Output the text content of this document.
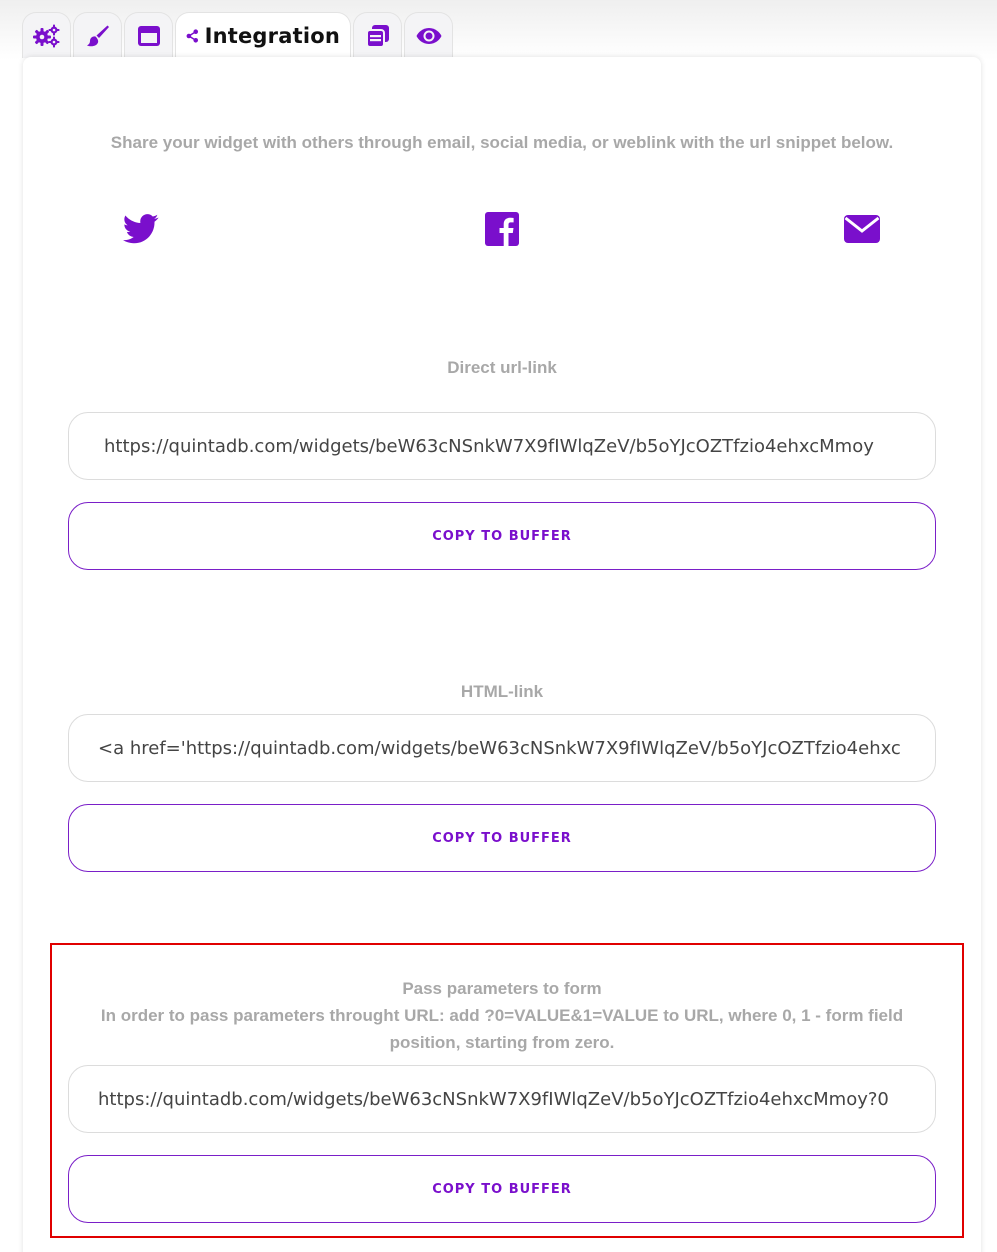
Integration
Share your widget with others through email, social media, or weblink with the url snippet below.
Direct url-link
https://quintadb.com/widgets/beW63cNSnkW7X9fIWlqZeV/b5oYJcOZTfzio4ehxcMmoy
COPY TO BUFFER
HTML-link
<a href='https://quintadb.com/widgets/beW63cNSnkW7X9fIWlqZeV/b5oYJcOZTfzio4ehxc
COPY TO BUFFER
Pass parameters to form
In order to pass parameters throught URL: add ?0=VALUE&1=VALUE to URL, where 0, 1 - form field position, starting from zero.
https://quintadb.com/widgets/beW63cNSnkW7X9fIWlqZeV/b5oYJcOZTfzio4ehxcMmoy?0
COPY TO BUFFER
